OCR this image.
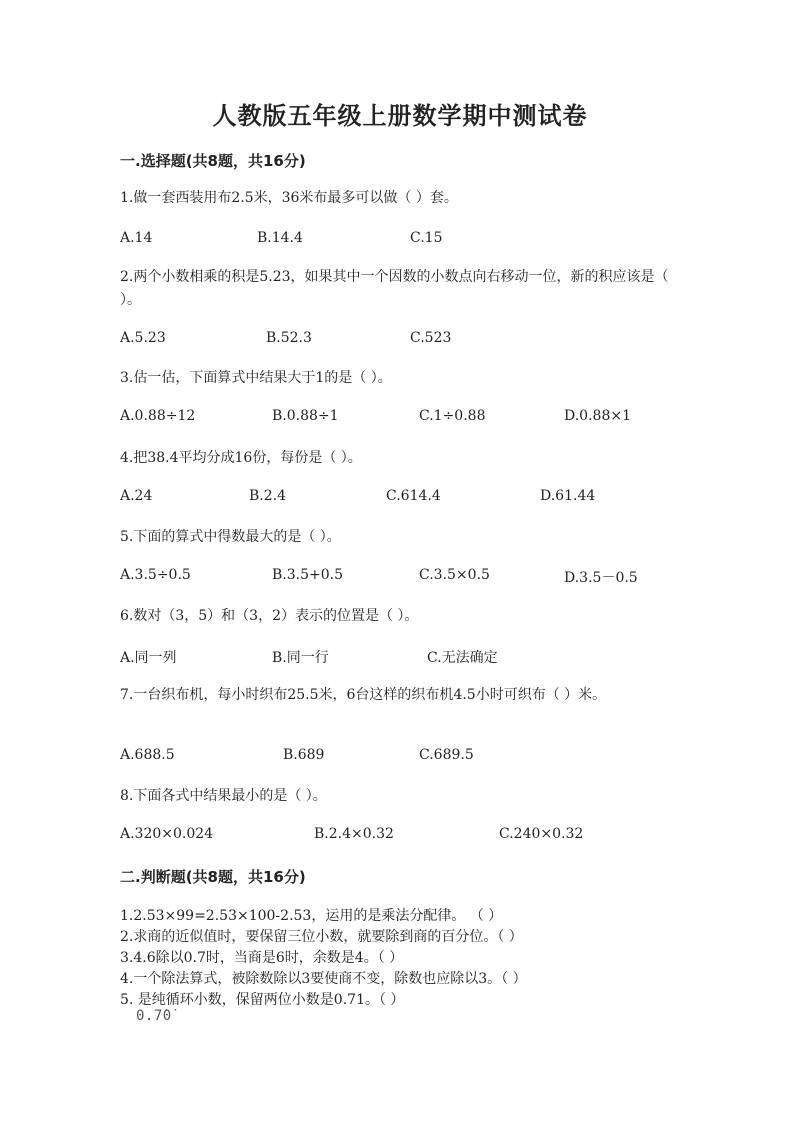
人教版五年级上册数学期中测试卷
一.选择题(共8题，共16分)
1.做一套西装用布2.5米，36米布最多可以做（ ）套。
A.14	B.14.4	C.15
2.两个小数相乘的积是5.23，如果其中一个因数的小数点向右移动一位，新的积应该是（ ）。
A.5.23	B.52.3	C.523
3.估一估，下面算式中结果大于1的是（ ）。
A.0.88÷12	B.0.88÷1	C.1÷0.88	D.0.88×1
4.把38.4平均分成16份，每份是（ ）。
A.24	B.2.4	C.614.4	D.61.44
5.下面的算式中得数最大的是（ ）。
A.3.5÷0.5	B.3.5+0.5	C.3.5×0.5	D.3.5－0.5
6.数对（3，5）和（3，2）表示的位置是（ ）。
A.同一列	B.同一行	C.无法确定
7.一台织布机，每小时织布25.5米，6台这样的织布机4.5小时可织布（ ）米。
A.688.5	B.689	C.689.5
8.下面各式中结果最小的是（ ）。
A.320×0.024	B.2.4×0.32	C.240×0.32
二.判断题(共8题，共16分)
1.2.53×99=2.53×100-2.53，运用的是乘法分配律。 （ ）
2.求商的近似值时，要保留三位小数，就要除到商的百分位。（ ）
3.4.6除以0.7时，当商是6时，余数是4。（ ）
4.一个除法算式，被除数除以3要使商不变，除数也应除以3。（ ）
5. 是纯循环小数，保留两位小数是0.71。（ ）
0.7̇0̇
